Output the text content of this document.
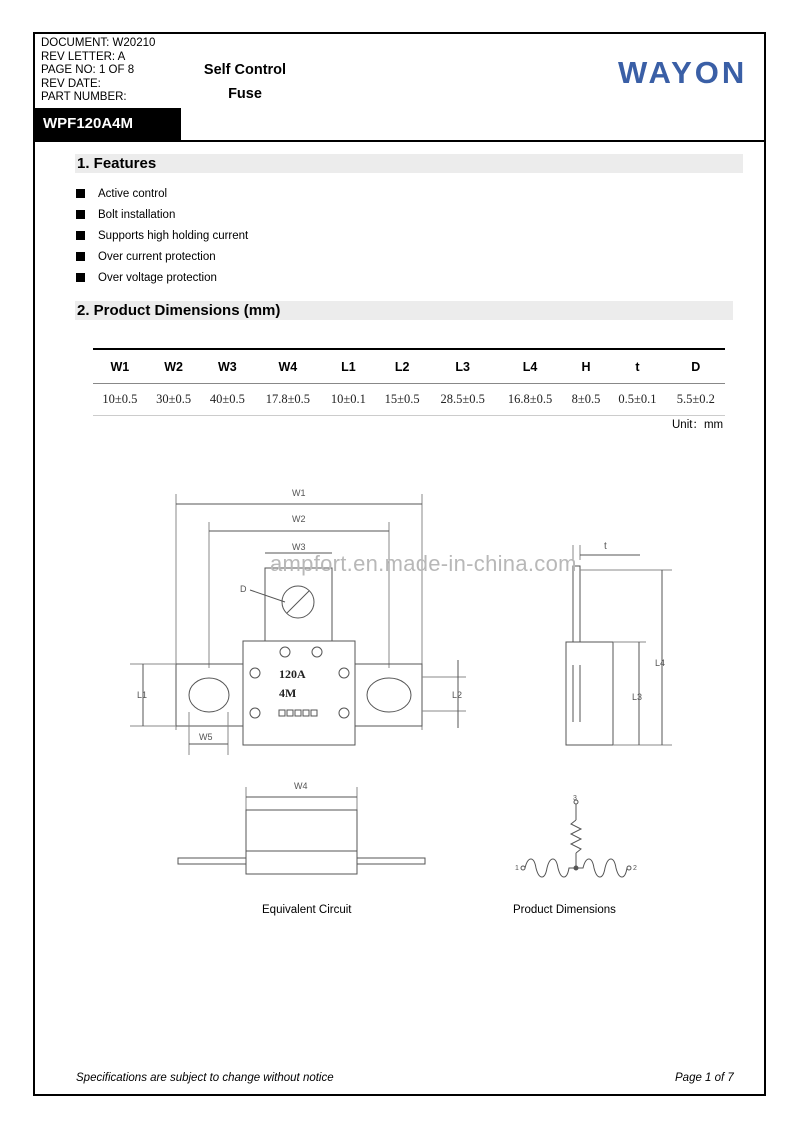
DOCUMENT: W20210
REV LETTER: A
PAGE NO: 1 OF 8
REV DATE:
PART NUMBER:
Self Control
Fuse
WPF120A4M
WAYON
1. Features
Active control
Bolt installation
Supports high holding current
Over current protection
Over voltage protection
2. Product Dimensions (mm)
W1	W2	W3	W4	L1	L2	L3	L4	H	t	D
10±0.5	30±0.5	40±0.5	17.8±0.5	10±0.1	15±0.5	28.5±0.5	16.8±0.5	8±0.5	0.5±0.1	5.5±0.2
Unit：mm
W1
W2
W3
D
120A
4M
L1	L2
W5
t
L3
L4
W4
3
1	2
ampfort.en.made-in-china.com
Equivalent Circuit	Product Dimensions
Specifications are subject to change without notice	Page 1 of 7
